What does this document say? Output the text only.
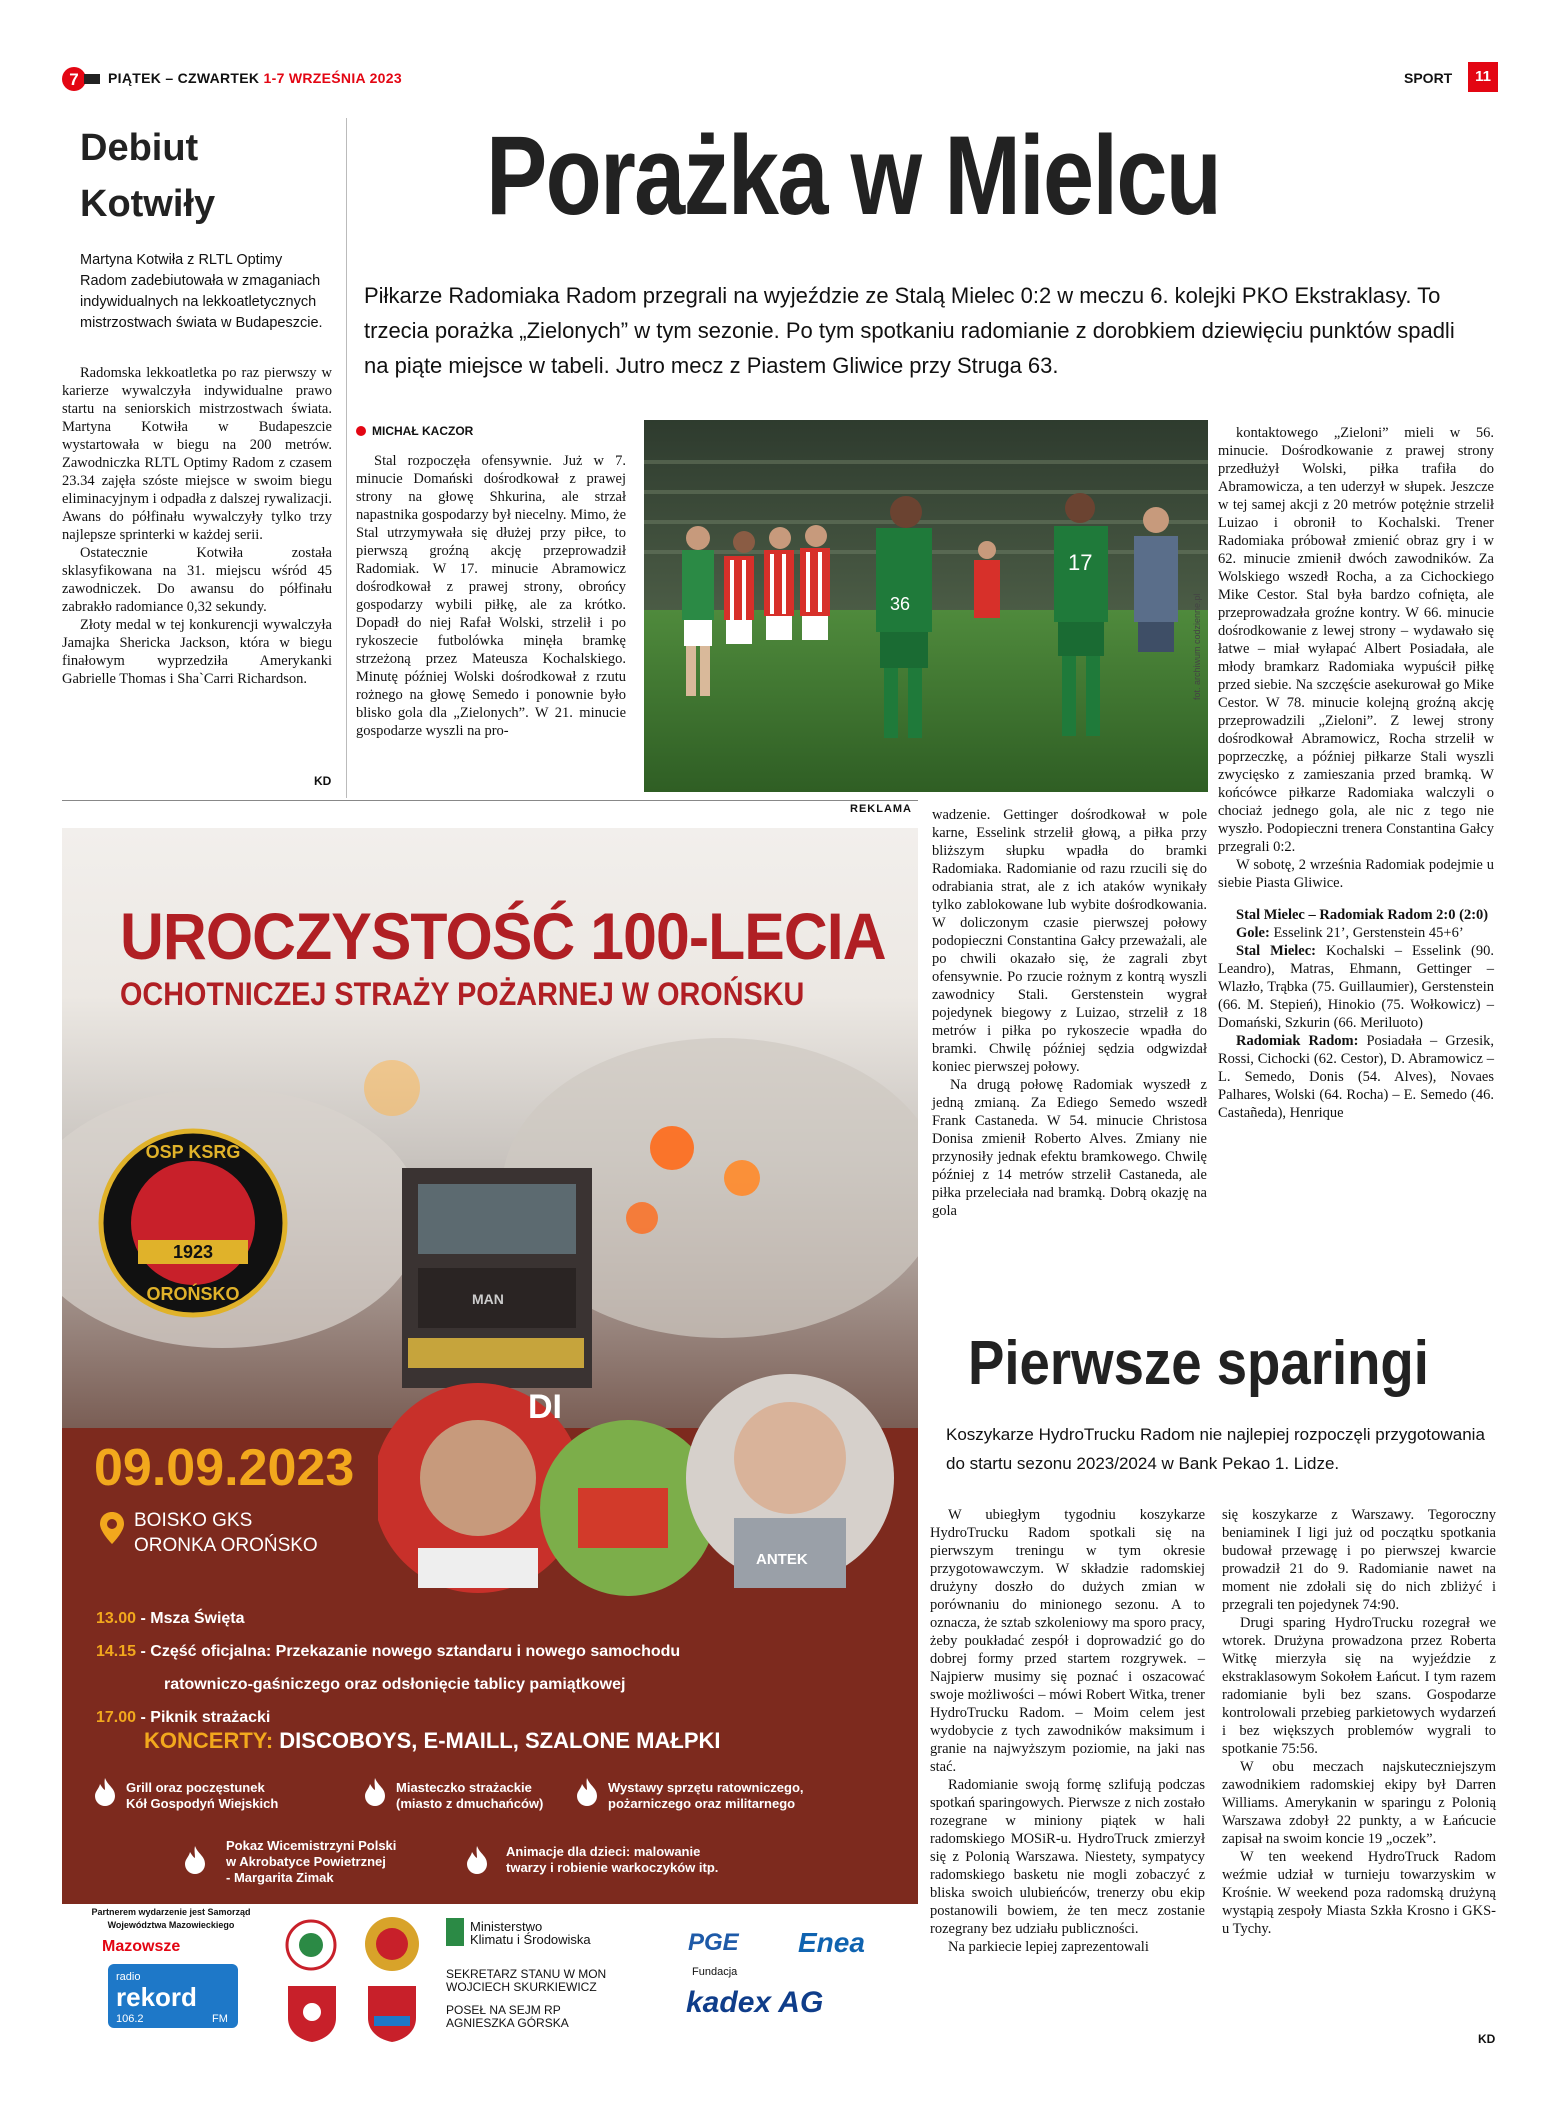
7 PIĄTEK – CZWARTEK 1-7 WRZEŚNIA 2023	SPORT	11
Debiut Kotwiły
Martyna Kotwiła z RLTL Optimy Radom zadebiutowała w zmaganiach indywidualnych na lekkoatletycznych mistrzostwach świata w Budapeszcie.

Radomska lekkoatletka po raz pierwszy w karierze wywalczyła indywidualne prawo startu na seniorskich mistrzostwach świata. Martyna Kotwiła w Budapeszcie wystartowała w biegu na 200 metrów. Zawodniczka RLTL Optimy Radom z czasem 23.34 zajęła szóste miejsce w swoim biegu eliminacyjnym i odpadła z dalszej rywalizacji. Awans do półfinału wywalczyły tylko trzy najlepsze sprinterki w każdej serii.

Ostatecznie Kotwiła została sklasyfikowana na 31. miejscu wśród 45 zawodniczek. Do awansu do półfinału zabrakło radomiance 0,32 sekundy.

Złoty medal w tej konkurencji wywalczyła Jamajka Shericka Jackson, która w biegu finałowym wyprzedziła Amerykanki Gabrielle Thomas i Sha`Carri Richardson.

KD
Porażka w Mielcu
Piłkarze Radomiaka Radom przegrali na wyjeździe ze Stalą Mielec 0:2 w meczu 6. kolejki PKO Ekstraklasy. To trzecia porażka „Zielonych” w tym sezonie. Po tym spotkaniu radomianie z dorobkiem dziewięciu punktów spadli na piąte miejsce w tabeli. Jutro mecz z Piastem Gliwice przy Struga 63.
MICHAŁ KACZOR

Stal rozpoczęła ofensywnie. Już w 7. minucie Domański dośrodkował z prawej strony na głowę Shkurina, ale strzał napastnika gospodarzy był niecelny. Mimo, że Stal utrzymywała się dłużej przy piłce, to pierwszą groźną akcję przeprowadził Radomiak. W 17. minucie Abramowicz dośrodkował z prawej strony, obrońcy gospodarzy wybili piłkę, ale za krótko. Dopadł do niej Rafał Wolski, strzelił i po rykoszecie futbolówka minęła bramkę strzeżoną przez Mateusza Kochalskiego. Minutę później Wolski dośrodkował z rzutu rożnego na głowę Semedo i ponownie było blisko gola dla „Zielonych”. W 21. minucie gospodarze wyszli na pro-

36
17
fot. archiwum codzienne.pl

kontaktowego „Zieloni” mieli w 56. minucie. Dośrodkowanie z prawej strony przedłużył Wolski, piłka trafiła do Abramowicza, a ten uderzył w słupek. Jeszcze w tej samej akcji z 20 metrów potężnie strzelił Luizao i obronił to Kochalski. Trener Radomiaka próbował zmienić obraz gry i w 62. minucie zmienił dwóch zawodników. Za Wolskiego wszedł Rocha, a za Cichockiego Mike Cestor. Stal była bardzo cofnięta, ale przeprowadzała groźne kontry. W 66. minucie dośrodkowanie z lewej strony – wydawało się łatwe – miał wyłapać Albert Posiadała, ale młody bramkarz Radomiaka wypuścił piłkę przed siebie. Na szczęście asekurował go Mike Cestor. W 78. minucie kolejną groźną akcję przeprowadzili „Zieloni”. Z lewej strony dośrodkował Abramowicz, Rocha strzelił w poprzeczkę, a później piłkarze Stali wyszli zwycięsko z zamieszania przed bramką. W końcówce piłkarze Radomiaka walczyli o chociaż jednego gola, ale nic z tego nie wyszło. Podopieczni trenera Constantina Gałcy przegrali 0:2.

W sobotę, 2 września Radomiak podejmie u siebie Piasta Gliwice.

Stal Mielec – Radomiak Radom 2:0 (2:0)

Gole: Esselink 21’, Gerstenstein 45+6’

Stal Mielec: Kochalski – Esselink (90. Leandro), Matras, Ehmann, Gettinger – Wlazło, Trąbka (75. Guillaumier), Gerstenstein (66. M. Stepień), Hinokio (75. Wołkowicz) – Domański, Szkurin (66. Meriluoto)

Radomiak Radom: Posiadała – Grzesik, Rossi, Cichocki (62. Cestor), D. Abramowicz – L. Semedo, Donis (54. Alves), Novaes Palhares, Wolski (64. Rocha) – E. Semedo (46. Castañeda), Henrique

REKLAMA wadzenie. Gettinger dośrodkował w pole karne, Esselink strzelił głową, a piłka przy bliższym słupku wpadła do bramki Radomiaka. Radomianie od razu rzucili się do odrabiania strat, ale z ich ataków wynikały tylko zablokowane lub wybite dośrodkowania. W doliczonym czasie pierwszej połowy podopieczni Constantina Gałcy przeważali, ale po chwili okazało się, że zagrali zbyt ofensywnie. Po rzucie rożnym z kontrą wyszli zawodnicy Stali. Gerstenstein wygrał pojedynek biegowy z Luizao, strzelił z 18 metrów i piłka po rykoszecie wpadła do bramki. Chwilę później sędzia odgwizdał koniec pierwszej połowy.

Na drugą połowę Radomiak wyszedł z jedną zmianą. Za Ediego Semedo wszedł Frank Castaneda. W 54. minucie Christosa Donisa zmienił Roberto Alves. Zmiany nie przynosiły jednak efektu bramkowego. Chwilę później z 14 metrów strzelił Castaneda, ale piłka przeleciała nad bramką. Dobrą okazję na gola

MAN
UROCZYSTOŚĆ 100-LECIA
OCHOTNICZEJ STRAŻY POŻARNEJ W OROŃSKU
1923
OSP KSRG
OROŃSKO
DI
ANTEK
09.09.2023
BOISKO GKS
ORONKA OROŃSKO
13.00 - Msza Święta
14.15 - Część oficjalna: Przekazanie nowego sztandaru i nowego samochodu
ratowniczo-gaśniczego oraz odsłonięcie tablicy pamiątkowej
17.00 - Piknik strażacki
KONCERTY: DISCOBOYS, E-MAILL, SZALONE MAŁPKI
Grill oraz poczęstunek
Kół Gospodyń Wiejskich
Miasteczko strażackie
(miasto z dmuchańców)
Wystawy sprzętu ratowniczego,
pożarniczego oraz militarnego
Pokaz Wicemistrzyni Polski
w Akrobatyce Powietrznej
- Margarita Zimak
Animacje dla dzieci: malowanie
twarzy i robienie warkoczyków itp.
Partnerem wydarzenie jest Samorząd
Województwa Mazowieckiego
Mazowsze
radio
rekord
106.2	FM
Ministerstwo
Klimatu i Środowiska
SEKRETARZ STANU W MON
WOJCIECH SKURKIEWICZ
POSEŁ NA SEJM RP
AGNIESZKA GÓRSKA
PGE
Fundacja
Enea
kadex AG
Pierwsze sparingi
Koszykarze HydroTrucku Radom nie najlepiej rozpoczęli przygotowania do startu sezonu 2023/2024 w Bank Pekao 1. Lidze.

W ubiegłym tygodniu koszykarze HydroTrucku Radom spotkali się na pierwszym treningu w tym okresie przygotowawczym. W składzie radomskiej drużyny doszło do dużych zmian w porównaniu do minionego sezonu. A to oznacza, że sztab szkoleniowy ma sporo pracy, żeby poukładać zespół i doprowadzić go do dobrej formy przed startem rozgrywek. – Najpierw musimy się poznać i oszacować swoje możliwości – mówi Robert Witka, trener HydroTrucku Radom. – Moim celem jest wydobycie z tych zawodników maksimum i granie na najwyższym poziomie, na jaki nas stać.

Radomianie swoją formę szlifują podczas spotkań sparingowych. Pierwsze z nich zostało rozegrane w miniony piątek w hali radomskiego MOSiR-u. HydroTruck zmierzył się z Polonią Warszawa. Niestety, sympatycy radomskiego basketu nie mogli zobaczyć z bliska swoich ulubieńców, trenerzy obu ekip postanowili bowiem, że ten mecz zostanie rozegrany bez udziału publiczności.

Na parkiecie lepiej zaprezentowali

się koszykarze z Warszawy. Tegoroczny beniaminek I ligi już od początku spotkania budował przewagę i po pierwszej kwarcie prowadził 21 do 9. Radomianie nawet na moment nie zdołali się do nich zbliżyć i przegrali ten pojedynek 74:90.

Drugi sparing HydroTrucku rozegrał we wtorek. Drużyna prowadzona przez Roberta Witkę mierzyła się na wyjeździe z ekstraklasowym Sokołem Łańcut. I tym razem radomianie byli bez szans. Gospodarze kontrolowali przebieg parkietowych wydarzeń i bez większych problemów wygrali to spotkanie 75:56.

W obu meczach najskuteczniejszym zawodnikiem radomskiej ekipy był Darren Williams. Amerykanin w sparingu z Polonią Warszawa zdobył 22 punkty, a w Łańcucie zapisał na swoim koncie 19 „oczek”.

W ten weekend HydroTruck Radom weźmie udział w turnieju towarzyskim w Krośnie. W weekend poza radomską drużyną wystąpią zespoły Miasta Szkła Krosno i GKS-u Tychy.

KD
